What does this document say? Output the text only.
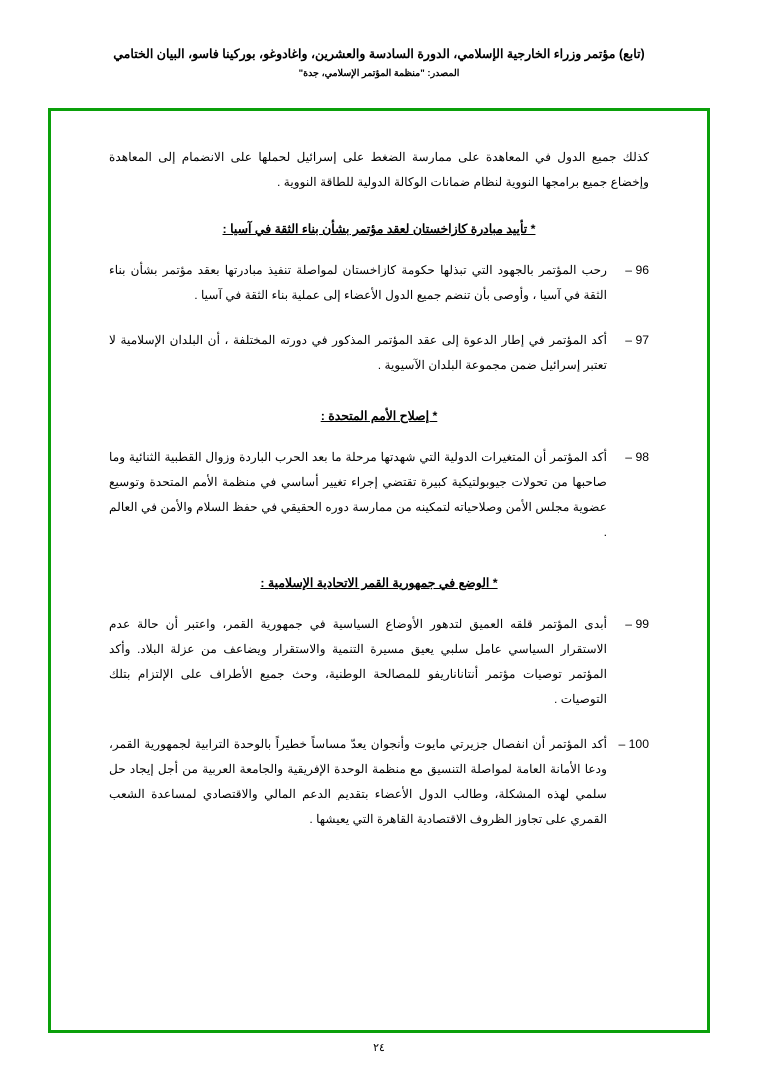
(تابع) مؤتمر وزراء الخارجية الإسلامي، الدورة السادسة والعشرين، واغادوغو، بوركينا فاسو، البيان الختامي
المصدر: "منظمة المؤتمر الإسلامي، جدة"

كذلك جميع الدول في المعاهدة على ممارسة الضغط على إسرائيل لحملها على الانضمام إلى المعاهدة وإخضاع جميع برامجها النووية لنظام ضمانات الوكالة الدولية للطاقة النووية .

* تأييد مبادرة كازاخستان لعقد مؤتمر بشأن بناء الثقة في آسيا :
96 –
رحب المؤتمر بالجهود التي تبذلها حكومة كازاخستان لمواصلة تنفيذ مبادرتها بعقد مؤتمر بشأن بناء الثقة في آسيا ، وأوصى بأن تنضم جميع الدول الأعضاء إلى عملية بناء الثقة في آسيا .
97 –
أكد المؤتمر في إطار الدعوة إلى عقد المؤتمر المذكور في دورته المختلفة ، أن البلدان الإسلامية لا تعتبر إسرائيل ضمن مجموعة البلدان الآسيوية .
* إصلاح الأمم المتحدة :
98 –
أكد المؤتمر أن المتغيرات الدولية التي شهدتها مرحلة ما بعد الحرب الباردة وزوال القطبية الثنائية وما صاحبها من تحولات جيوبولتيكية كبيرة تقتضي إجراء تغيير أساسي في منظمة الأمم المتحدة وتوسيع عضوية مجلس الأمن وصلاحياته لتمكينه من ممارسة دوره الحقيقي في حفظ السلام والأمن في العالم .
* الوضع في جمهورية القمر الاتحادية الإسلامية :
99 –
أبدى المؤتمر قلقه العميق لتدهور الأوضاع السياسية في جمهورية القمر، واعتبر أن حالة عدم الاستقرار السياسي عامل سلبي يعيق مسيرة التنمية والاستقرار ويضاعف من عزلة البلاد. وأكد المؤتمر توصيات مؤتمر أنتاناناريفو للمصالحة الوطنية، وحث جميع الأطراف على الإلتزام بتلك التوصيات .
100 –
أكد المؤتمر أن انفصال جزيرتي مايوت وأنجوان يعدّ مساساً خطيراً بالوحدة الترابية لجمهورية القمر، ودعا الأمانة العامة لمواصلة التنسيق مع منظمة الوحدة الإفريقية والجامعة العربية من أجل إيجاد حل سلمي لهذه المشكلة، وطالب الدول الأعضاء بتقديم الدعم المالي والاقتصادي لمساعدة الشعب القمري على تجاوز الظروف الاقتصادية القاهرة التي يعيشها .
٢٤
